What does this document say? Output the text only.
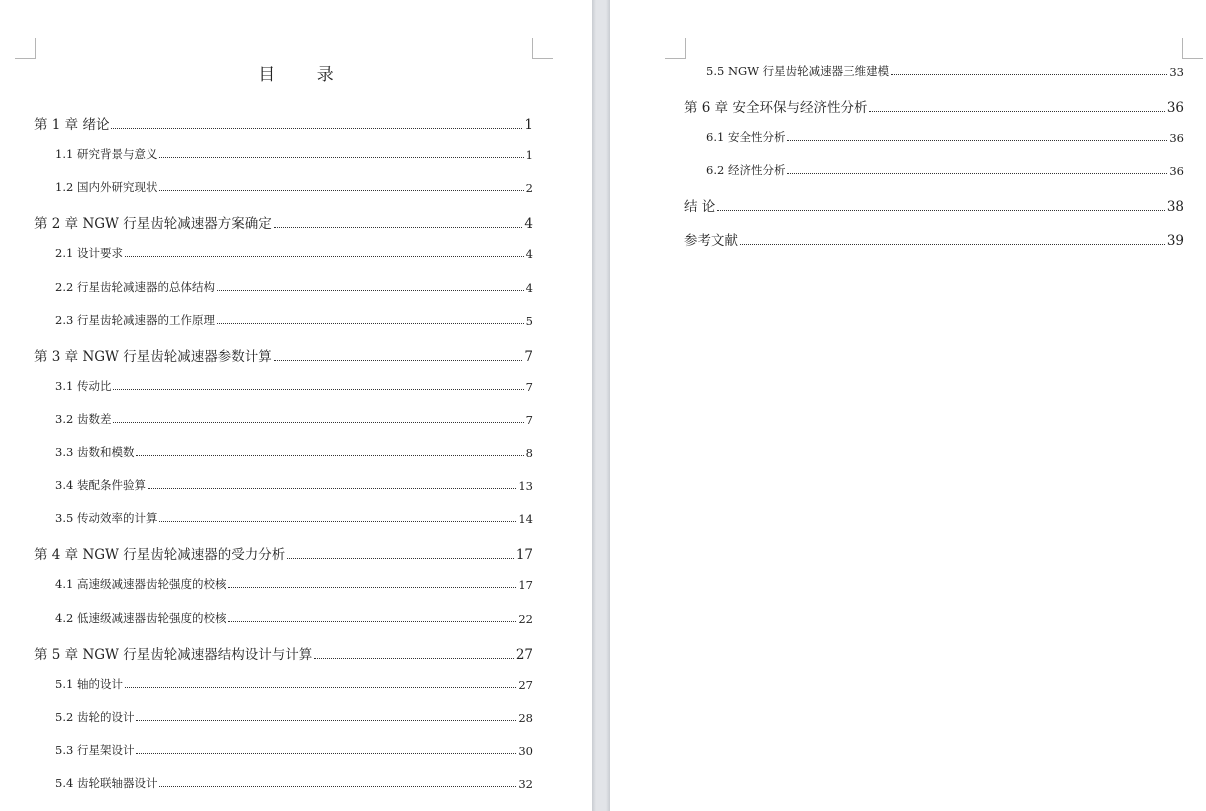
目 录
第 1 章 绪论	1
1.1 研究背景与意义	1
1.2 国内外研究现状	2
第 2 章 NGW 行星齿轮减速器方案确定	4
2.1 设计要求	4
2.2 行星齿轮减速器的总体结构	4
2.3 行星齿轮减速器的工作原理	5
第 3 章 NGW 行星齿轮减速器参数计算	7
3.1 传动比	7
3.2 齿数差	7
3.3 齿数和模数	8
3.4 装配条件验算	13
3.5 传动效率的计算	14
第 4 章 NGW 行星齿轮减速器的受力分析	17
4.1 高速级减速器齿轮强度的校核	17
4.2 低速级减速器齿轮强度的校核	22
第 5 章 NGW 行星齿轮减速器结构设计与计算	27
5.1 轴的设计	27
5.2 齿轮的设计	28
5.3 行星架设计	30
5.4 齿轮联轴器设计	32
5.5 NGW 行星齿轮减速器三维建模	33
第 6 章 安全环保与经济性分析	36
6.1 安全性分析	36
6.2 经济性分析	36
结 论	38
参考文献	39
